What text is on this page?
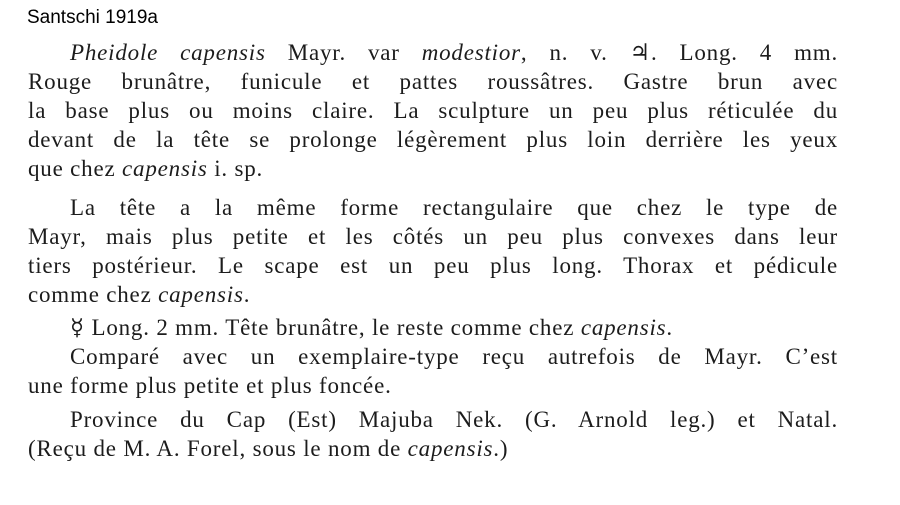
Santschi 1919a
Pheidole capensis Mayr. var modestior, n. v. ♃. Long. 4 mm.
Rouge brunâtre, funicule et pattes roussâtres. Gastre brun avec
la base plus ou moins claire. La sculpture un peu plus réticulée du
devant de la tête se prolonge légèrement plus loin derrière les yeux
que chez capensis i. sp.
La tête a la même forme rectangulaire que chez le type de
Mayr, mais plus petite et les côtés un peu plus convexes dans leur
tiers postérieur. Le scape est un peu plus long. Thorax et pédicule
comme chez capensis.
☿ Long. 2 mm. Tête brunâtre, le reste comme chez capensis.
Comparé avec un exemplaire-type reçu autrefois de Mayr. C’est
une forme plus petite et plus foncée.
Province du Cap (Est) Majuba Nek. (G. Arnold leg.) et Natal.
(Reçu de M. A. Forel, sous le nom de capensis.)
